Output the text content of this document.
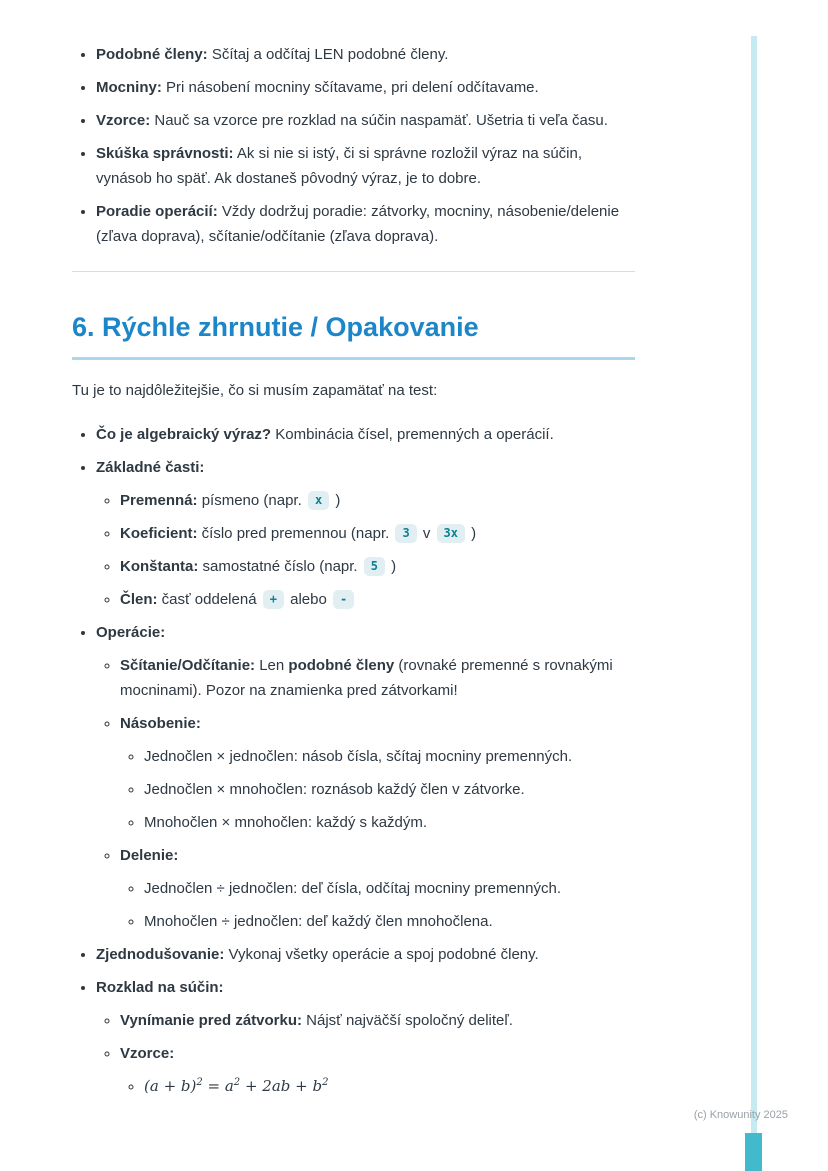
• Podobné členy: Sčítaj a odčítaj LEN podobné členy.
• Mocniny: Pri násobení mocniny sčítavame, pri delení odčítavame.
• Vzorce: Nauč sa vzorce pre rozklad na súčin naspamäť. Ušetria ti veľa času.
• Skúška správnosti: Ak si nie si istý, či si správne rozložil výraz na súčin, vynásob ho späť. Ak dostaneš pôvodný výraz, je to dobre.
• Poradie operácií: Vždy dodržuj poradie: zátvorky, mocniny, násobenie/delenie (zľava doprava), sčítanie/odčítanie (zľava doprava).
6. Rýchle zhrnutie / Opakovanie

Tu je to najdôležitejšie, čo si musím zapamätať na test:

• Čo je algebraický výraz? Kombinácia čísel, premenných a operácií.
• Základné časti:
◦ Premenná: písmeno (napr. x )
◦ Koeficient: číslo pred premennou (napr. 3 v 3x )
◦ Konštanta: samostatné číslo (napr. 5 )
◦ Člen: časť oddelená + alebo -
• Operácie:
◦ Sčítanie/Odčítanie: Len podobné členy (rovnaké premenné s rovnakými mocninami). Pozor na znamienka pred zátvorkami!
◦ Násobenie:
◦ Jednočlen × jednočlen: násob čísla, sčítaj mocniny premenných.
◦ Jednočlen × mnohočlen: roznásob každý člen v zátvorke.
◦ Mnohočlen × mnohočlen: každý s každým.
◦ Delenie:
◦ Jednočlen ÷ jednočlen: deľ čísla, odčítaj mocniny premenných.
◦ Mnohočlen ÷ jednočlen: deľ každý člen mnohočlena.
• Zjednodušovanie: Vykonaj všetky operácie a spoj podobné členy.
• Rozklad na súčin:
◦ Vynímanie pred zátvorku: Nájsť najväčší spoločný deliteľ.
◦ Vzorce:
◦ $(a + b)^2 = a^2 + 2ab + b^2$
(c) Knowunity 2025
